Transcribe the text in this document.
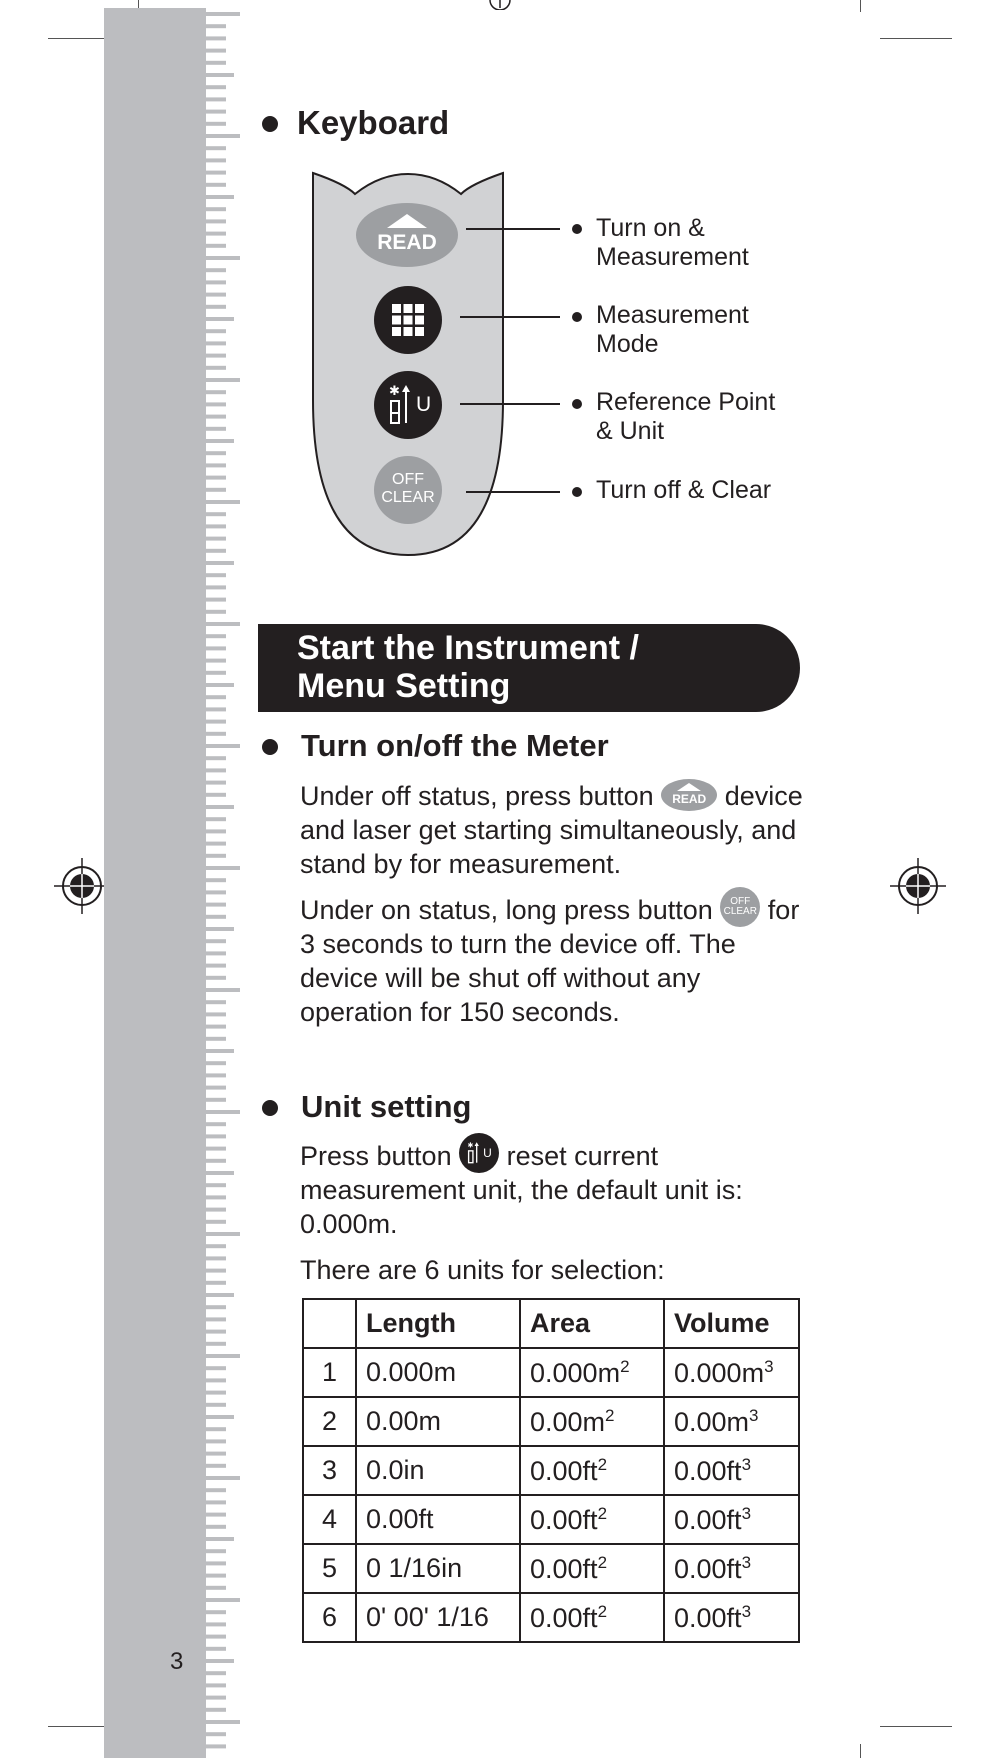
3
Keyboard
READ
✱
U
OFF
CLEAR
Turn on &
Measurement
Measurement
Mode
Reference Point
& Unit
Turn off & Clear
Start the Instrument /
Menu Setting
Turn on/off the Meter

Under off status, press button	READ device and laser get starting simultaneously, and stand by for measurement.

Under on status, long press button	OFF
CLEAR for 3 seconds to turn the device off. The device will be shut off without any operation for 150 seconds.

Unit setting

Press button ✱
U reset current measurement unit, the default unit is: 0.000m.

There are 6 units for selection:

	Length	Area	Volume
1	0.000m	$0.000m^2$	$0.000m^3$
2	0.00m	$0.00m^2$	$0.00m^3$
3	0.0in	$0.00ft^2$	$0.00ft^3$
4	0.00ft	$0.00ft^2$	$0.00ft^3$
5	0 1/16in	$0.00ft^2$	$0.00ft^3$
6	0' 00' 1/16	$0.00ft^2$	$0.00ft^3$
